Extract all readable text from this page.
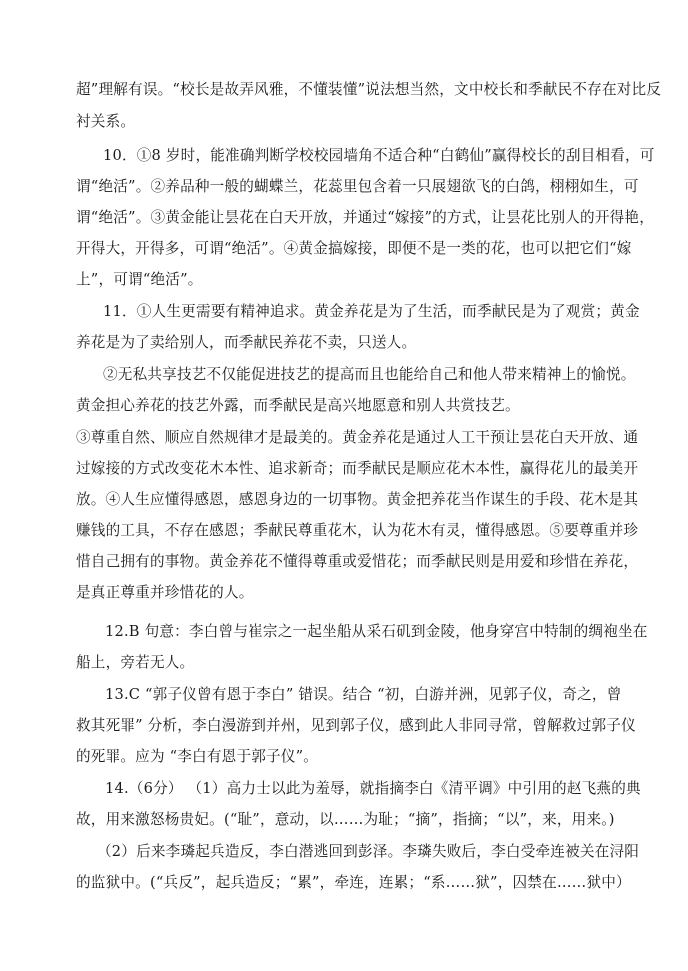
超”理解有误。“校长是故弄风雅，不懂装懂”说法想当然，文中校长和季献民不存在对比反
衬关系。
10．①8 岁时，能准确判断学校校园墙角不适合种“白鹤仙”赢得校长的刮目相看，可
谓“绝活”。②养品种一般的蝴蝶兰，花蕊里包含着一只展翅欲飞的白鸽，栩栩如生，可
谓“绝活”。③黄金能让昙花在白天开放，并通过“嫁接”的方式，让昙花比别人的开得艳，
开得大，开得多，可谓“绝活”。④黄金搞嫁接，即便不是一类的花，也可以把它们“嫁
上”，可谓“绝活”。
11．①人生更需要有精神追求。黄金养花是为了生活，而季献民是为了观赏；黄金
养花是为了卖给别人，而季献民养花不卖，只送人。
②无私共享技艺不仅能促进技艺的提高而且也能给自己和他人带来精神上的愉悦。
黄金担心养花的技艺外露，而季献民是高兴地愿意和别人共赏技艺。
③尊重自然、顺应自然规律才是最美的。黄金养花是通过人工干预让昙花白天开放、通
过嫁接的方式改变花木本性、追求新奇；而季献民是顺应花木本性，赢得花儿的最美开
放。④人生应懂得感恩，感恩身边的一切事物。黄金把养花当作谋生的手段、花木是其
赚钱的工具，不存在感恩；季献民尊重花木，认为花木有灵，懂得感恩。⑤要尊重并珍
惜自己拥有的事物。黄金养花不懂得尊重或爱惜花；而季献民则是用爱和珍惜在养花，
是真正尊重并珍惜花的人。
12.B 句意：李白曾与崔宗之一起坐船从采石矶到金陵，他身穿宫中特制的绸袍坐在
船上，旁若无人。
13.C “郭子仪曾有恩于李白” 错误。结合 “初，白游并洲，见郭子仪，奇之，曾
救其死罪” 分析，李白漫游到并州，见到郭子仪，感到此人非同寻常，曾解救过郭子仪
的死罪。应为 “李白有恩于郭子仪”。
14.（6分） （1）高力士以此为羞辱，就指摘李白《清平调》中引用的赵飞燕的典
故，用来激怒杨贵妃。(“耻”，意动，以……为耻；“摘”，指摘；“以”，来，用来。)
（2）后来李璘起兵造反，李白潜逃回到彭泽。李璘失败后，李白受牵连被关在浔阳
的监狱中。(“兵反”，起兵造反；“累”，牵连，连累；“系……狱”，囚禁在……狱中）
